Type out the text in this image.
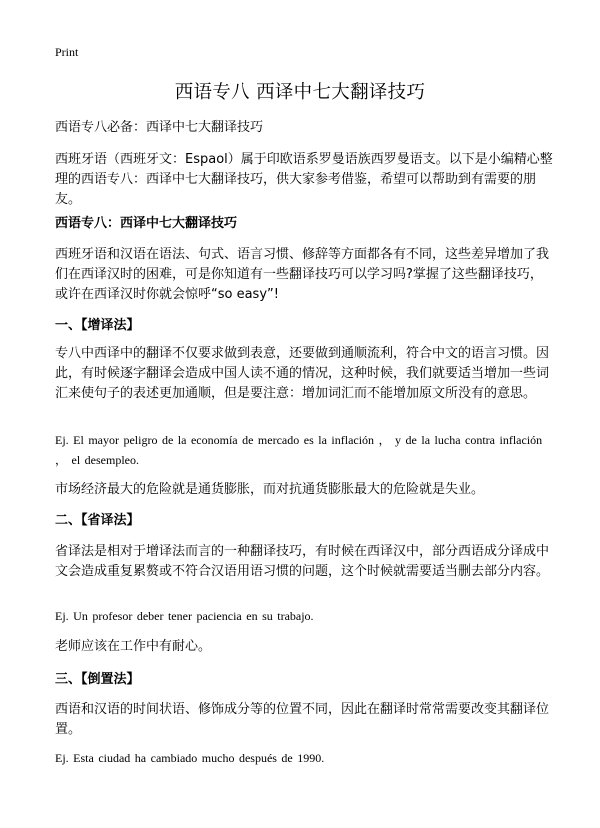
Print
西语专八 西译中七大翻译技巧
西语专八必备：西译中七大翻译技巧
西班牙语（西班牙文：Espaol）属于印欧语系罗曼语族西罗曼语支。以下是小编精心整理的西语专八：西译中七大翻译技巧，供大家参考借鉴，希望可以帮助到有需要的朋友。
西语专八：西译中七大翻译技巧
西班牙语和汉语在语法、句式、语言习惯、修辞等方面都各有不同，这些差异增加了我们在西译汉时的困难，可是你知道有一些翻译技巧可以学习吗?掌握了这些翻译技巧，或许在西译汉时你就会惊呼“so easy”!
一、【增译法】
专八中西译中的翻译不仅要求做到表意，还要做到通顺流利，符合中文的语言习惯。因此，有时候逐字翻译会造成中国人读不通的情况，这种时候，我们就要适当增加一些词汇来使句子的表述更加通顺，但是要注意：增加词汇而不能增加原文所没有的意思。
Ej. El mayor peligro de la economía de mercado es la inflación ， y de la lucha contra inflación ， el desempleo.
市场经济最大的危险就是通货膨胀，而对抗通货膨胀最大的危险就是失业。
二、【省译法】
省译法是相对于增译法而言的一种翻译技巧，有时候在西译汉中，部分西语成分译成中文会造成重复累赘或不符合汉语用语习惯的问题，这个时候就需要适当删去部分内容。
Ej. Un profesor deber tener paciencia en su trabajo.
老师应该在工作中有耐心。
三、【倒置法】
西语和汉语的时间状语、修饰成分等的位置不同，因此在翻译时常常需要改变其翻译位置。
Ej. Esta ciudad ha cambiado mucho después de 1990.
